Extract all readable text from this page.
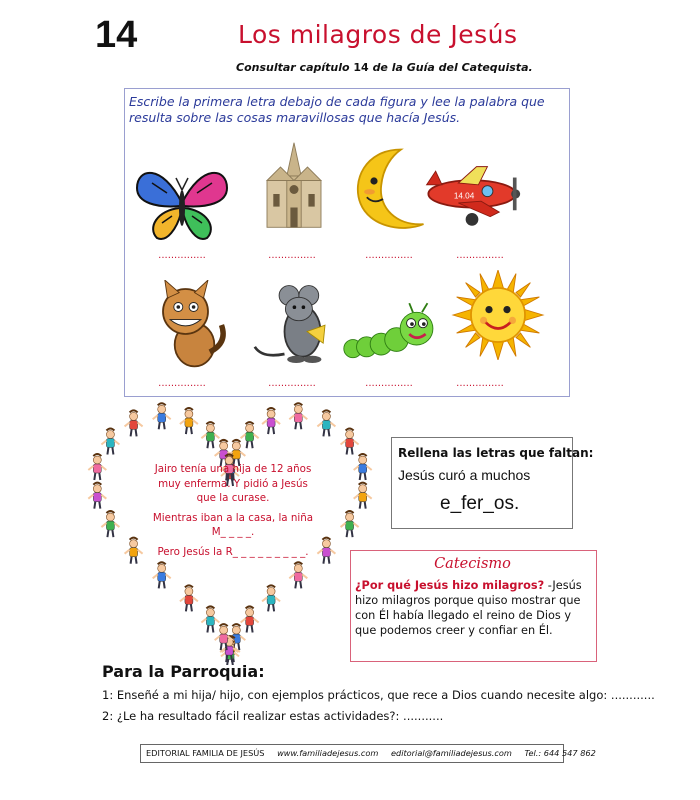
14	Los milagros de Jesús
Consultar capítulo 14 de la Guía del Catequista.
Escribe la primera letra debajo de cada figura y lee la palabra que resulta sobre las cosas maravillosas que hacía Jesús.
14.04
...............	...............	...............	...............
...............	...............	...............	...............

Jairo tenía una hija de 12 años muy enferma. Y pidió a Jesús que la curase.

Mientras iban a la casa, la niña M_ _ _ _.

Pero Jesús la R_ _ _ _ _ _ _ _ _.

Rellena las letras que faltan:
Jesús curó a muchos
e_fer_os.
Catecismo
¿Por qué Jesús hizo milagros? -Jesús hizo milagros porque quiso mostrar que con Él había llegado el reino de Dios y que podemos creer y confiar en Él.
Para la Parroquia:
1: Enseñé a mi hija/ hijo, con ejemplos prácticos, que rece a Dios cuando necesite algo: ............
2: ¿Le ha resultado fácil realizar estas actividades?: ...........
EDITORIAL FAMILIA DE JESÚS www.familiadejesus.com editorial@familiadejesus.com Tel.: 644 547 862
